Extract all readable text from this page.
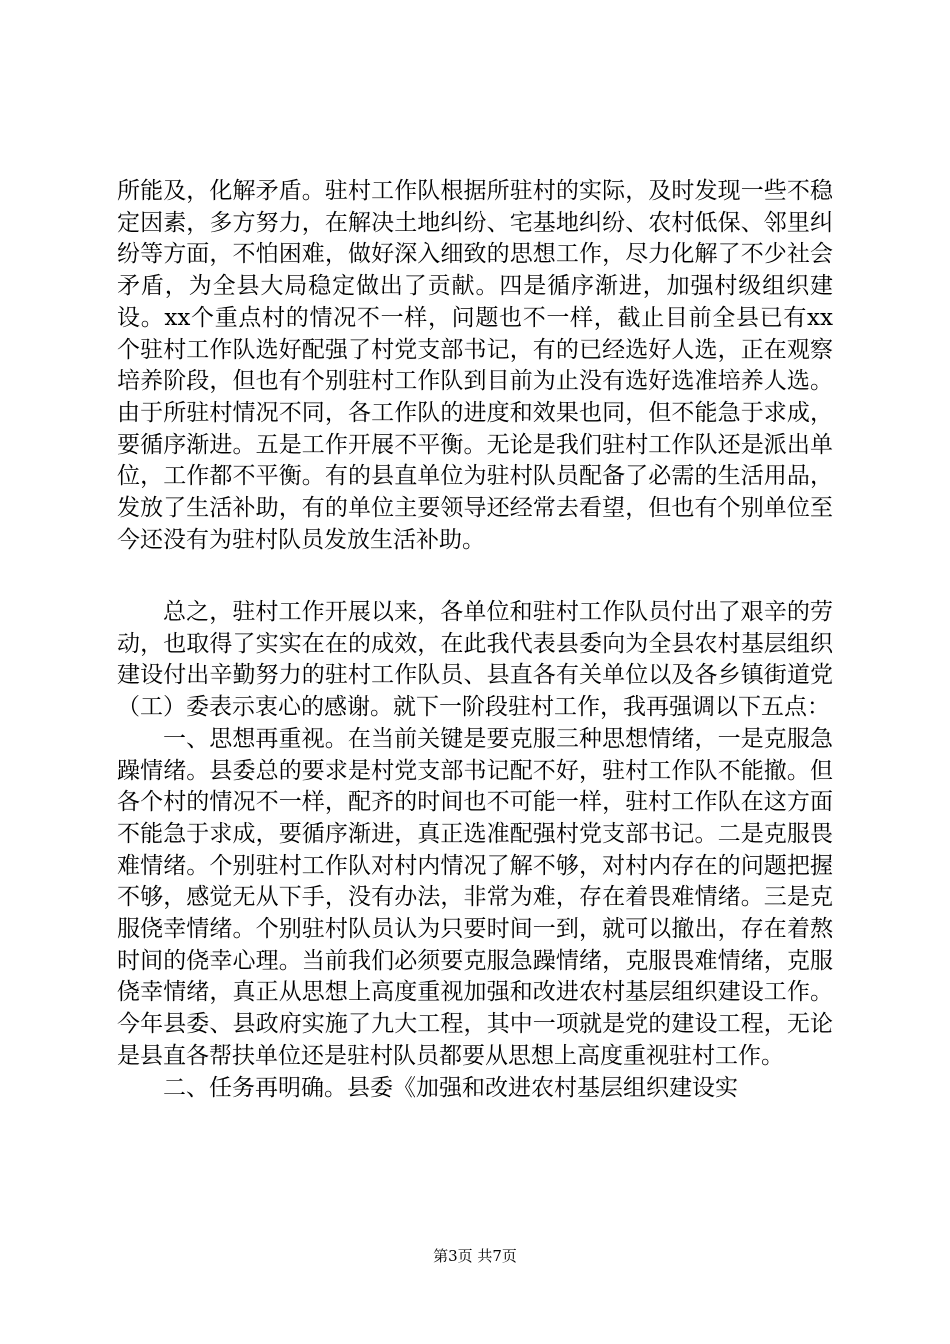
所能及，化解矛盾。驻村工作队根据所驻村的实际，及时发现一些不稳定因素，多方努力，在解决土地纠纷、宅基地纠纷、农村低保、邻里纠纷等方面，不怕困难，做好深入细致的思想工作，尽力化解了不少社会矛盾，为全县大局稳定做出了贡献。四是循序渐进，加强村级组织建设。xx个重点村的情况不一样，问题也不一样，截止目前全县已有xx个驻村工作队选好配强了村党支部书记，有的已经选好人选，正在观察培养阶段，但也有个别驻村工作队到目前为止没有选好选准培养人选。由于所驻村情况不同，各工作队的进度和效果也同，但不能急于求成，要循序渐进。五是工作开展不平衡。无论是我们驻村工作队还是派出单位，工作都不平衡。有的县直单位为驻村队员配备了必需的生活用品，发放了生活补助，有的单位主要领导还经常去看望，但也有个别单位至今还没有为驻村队员发放生活补助。

总之，驻村工作开展以来，各单位和驻村工作队员付出了艰辛的劳动，也取得了实实在在的成效，在此我代表县委向为全县农村基层组织建设付出辛勤努力的驻村工作队员、县直各有关单位以及各乡镇街道党（工）委表示衷心的感谢。就下一阶段驻村工作，我再强调以下五点：
一、思想再重视。在当前关键是要克服三种思想情绪，一是克服急躁情绪。县委总的要求是村党支部书记配不好，驻村工作队不能撤。但各个村的情况不一样，配齐的时间也不可能一样，驻村工作队在这方面不能急于求成，要循序渐进，真正选准配强村党支部书记。二是克服畏难情绪。个别驻村工作队对村内情况了解不够，对村内存在的问题把握不够，感觉无从下手，没有办法，非常为难，存在着畏难情绪。三是克服侥幸情绪。个别驻村队员认为只要时间一到，就可以撤出，存在着熬时间的侥幸心理。当前我们必须要克服急躁情绪，克服畏难情绪，克服侥幸情绪，真正从思想上高度重视加强和改进农村基层组织建设工作。今年县委、县政府实施了九大工程，其中一项就是党的建设工程，无论是县直各帮扶单位还是驻村队员都要从思想上高度重视驻村工作。
二、任务再明确。县委《加强和改进农村基层组织建设实
第3页 共7页
